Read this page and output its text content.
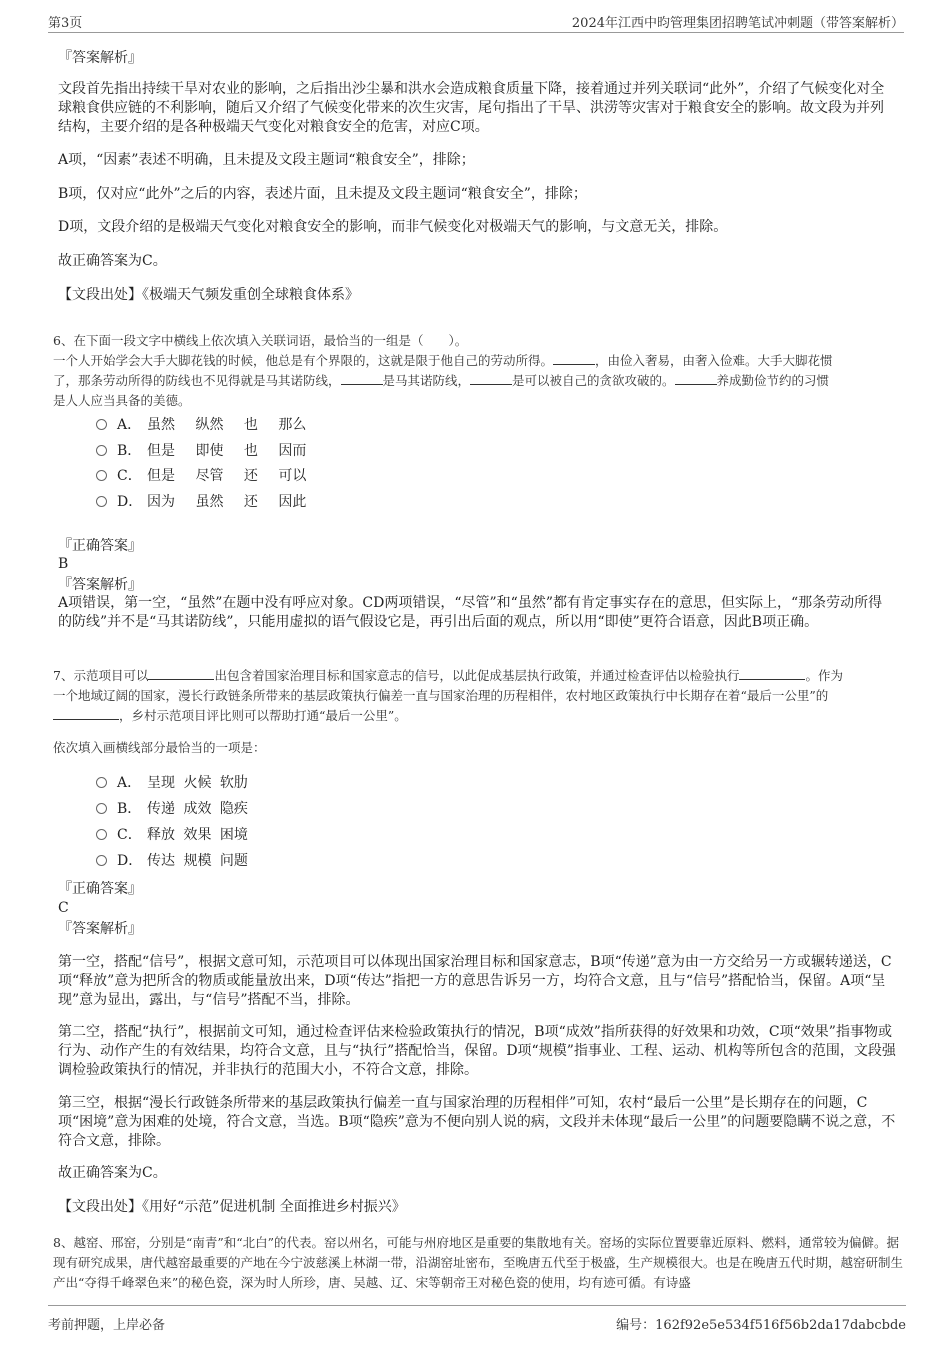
第3页	2024年江西中昀管理集团招聘笔试冲刺题（带答案解析）
『答案解析』
文段首先指出持续干旱对农业的影响，之后指出沙尘暴和洪水会造成粮食质量下降，接着通过并列关联词“此外”，介绍了气候变化对全球粮食供应链的不利影响，随后又介绍了气候变化带来的次生灾害，尾句指出了干旱、洪涝等灾害对于粮食安全的影响。故文段为并列结构，主要介绍的是各种极端天气变化对粮食安全的危害，对应C项。
A项，“因素”表述不明确，且未提及文段主题词“粮食安全”，排除；
B项，仅对应“此外”之后的内容，表述片面，且未提及文段主题词“粮食安全”，排除；
D项，文段介绍的是极端天气变化对粮食安全的影响，而非气候变化对极端天气的影响，与文意无关，排除。
故正确答案为C。
【文段出处】《极端天气频发重创全球粮食体系》
6、在下面一段文字中横线上依次填入关联词语，最恰当的一组是（　　）。
一个人开始学会大手大脚花钱的时候，他总是有个界限的，这就是限于他自己的劳动所得。	，由俭入奢易，由奢入俭难。大手大脚花惯
了，那条劳动所得的防线也不见得就是马其诺防线，	是马其诺防线，	是可以被自己的贪欲攻破的。	养成勤俭节约的习惯
是人人应当具备的美德。
A． 虽然 纵然 也 那么
B． 但是 即使 也 因而
C． 但是 尽管 还 可以
D． 因为 虽然 还 因此
『正确答案』
B
『答案解析』
A项错误，第一空，“虽然”在题中没有呼应对象。CD两项错误，“尽管”和“虽然”都有肯定事实存在的意思，但实际上，“那条劳动所得的防线”并不是“马其诺防线”，只能用虚拟的语气假设它是，再引出后面的观点，所以用“即使”更符合语意，因此B项正确。
7、示范项目可以	出包含着国家治理目标和国家意志的信号，以此促成基层执行政策，并通过检查评估以检验执行	。作为
一个地域辽阔的国家，漫长行政链条所带来的基层政策执行偏差一直与国家治理的历程相伴，农村地区政策执行中长期存在着“最后一公里”的
，乡村示范项目评比则可以帮助打通“最后一公里”。
依次填入画横线部分最恰当的一项是：
A． 呈现 火候 软肋
B． 传递 成效 隐疾
C． 释放 效果 困境
D． 传达 规模 问题
『正确答案』
C
『答案解析』
第一空，搭配“信号”，根据文意可知，示范项目可以体现出国家治理目标和国家意志，B项“传递”意为由一方交给另一方或辗转递送，C项“释放”意为把所含的物质或能量放出来，D项“传达”指把一方的意思告诉另一方，均符合文意，且与“信号”搭配恰当，保留。A项“呈现”意为显出，露出，与“信号”搭配不当，排除。
第二空，搭配“执行”，根据前文可知，通过检查评估来检验政策执行的情况，B项“成效”指所获得的好效果和功效，C项“效果”指事物或行为、动作产生的有效结果，均符合文意，且与“执行”搭配恰当，保留。D项“规模”指事业、工程、运动、机构等所包含的范围，文段强调检验政策执行的情况，并非执行的范围大小，不符合文意，排除。
第三空，根据“漫长行政链条所带来的基层政策执行偏差一直与国家治理的历程相伴”可知，农村“最后一公里”是长期存在的问题，C项“困境”意为困难的处境，符合文意，当选。B项“隐疾”意为不便向别人说的病，文段并未体现“最后一公里”的问题要隐瞒不说之意，不符合文意，排除。
故正确答案为C。
【文段出处】《用好“示范”促进机制 全面推进乡村振兴》
8、越窑、邢窑，分别是“南青”和“北白”的代表。窑以州名，可能与州府地区是重要的集散地有关。窑场的实际位置要靠近原料、燃料，通常较为偏僻。据现有研究成果，唐代越窑最重要的产地在今宁波慈溪上林湖一带，沿湖窑址密布，至晚唐五代至于极盛，生产规模很大。也是在晚唐五代时期，越窑研制生产出“夺得千峰翠色来”的秘色瓷，深为时人所珍，唐、吴越、辽、宋等朝帝王对秘色瓷的使用，均有迹可循。有诗盛
考前押题，上岸必备	编号：162f92e5e534f516f56b2da17dabcbde
